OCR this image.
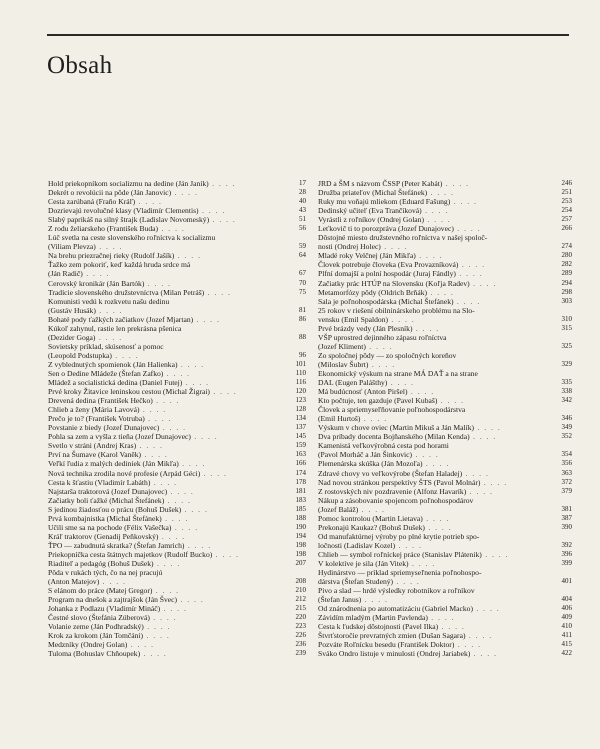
Obsah
Hold priekopníkom socializmu na dedine (Ján Janík) . . . .	17
Dekrét o revolúcii na pôde (Ján Janovic) . . . .	28
Cesta zarúbaná (Fraňo Kráľ) . . . .	40
Dozrievajú revolučné klasy (Vladimír Clementis) . . . .	43
Slabý paprikáš na silný štrajk (Ladislav Novomeský) . . . .	51
Z rodu želiarskeho (František Buda) . . . .	56
Lúč svetla na ceste slovenského roľníctva k socializmu
(Viliam Plevza) . . . .	59
Na brehu priezračnej rieky (Rudolf Jašík) . . . .	64
Ťažko zem pokoriť, keď každá hruda srdce má
(Ján Radič) . . . .	67
Cerovský kronikár (Ján Bartók) . . . .	70
Tradície slovenského družstevníctva (Milan Petráš) . . . .	75
Komunisti vedú k rozkvetu našu dedinu
(Gustáv Husák) . . . .	81
Bohaté pody ťažkých začiatkov (Jozef Mjartan) . . . .	86
Kúkoľ zahynul, rastie len prekrásna pšenica
(Dezider Goga) . . . .	88
Sovietsky príklad, skúsenosť a pomoc
(Leopold Podstupka) . . . .	96
Z vyblednutých spomienok (Ján Halienka) . . . .	101
Sen o Dedine Mládeže (Štefan Zafko) . . . .	110
Mládež a socialistická dedina (Daniel Futej) . . . .	116
Prvé kroky Žitavice leninskou cestou (Michal Žigrai) . . . .	120
Drevená dedina (František Hečko) . . . .	123
Chlieb a ženy (Mária Lavová) . . . .	128
Prečo je to? (František Votruba) . . . .	134
Povstanie z biedy (Jozef Dunajovec) . . . .	137
Pohla sa zem a vyšla z tieňa (Jozef Dunajovec) . . . .	145
Svetlo v stráni (Andrej Kras) . . . .	159
Prví na Šumave (Karol Vaněk) . . . .	163
Veľkí ľudia z malých dediniek (Ján Mikľa) . . . .	166
Nová technika zrodila nové profesie (Arpád Géci) . . . .	174
Cesta k šťastiu (Vladimír Labáth) . . . .	178
Najstarša traktorová (Jozef Dunajovec) . . . .	181
Začiatky boli ťažké (Michal Štefánek) . . . .	183
S jedinou žiadosťou o prácu (Bohuš Dušek) . . . .	185
Prvá kombajnistka (Michal Štefánek) . . . .	188
Učili sme sa na pochode (Félix Vašečka) . . . .	190
Kráľ traktorov (Genadij Peňkovský) . . . .	194
ŤPO — zabudnutá skratka? (Štefan Jamrich) . . . .	198
Priekopníčka cesta štátnych majetkov (Rudolf Bucko) . . . .	198
Riaditeľ a pedagóg (Bohuš Dušek) . . . .	207
Pôda v rukách tých, čo na nej pracujú
(Anton Matejov) . . . .	208
S elánom do práce (Matej Gregor) . . . .	210
Program na dnešok a zajtrajšok (Ján Švec) . . . .	212
Johanka z Podlazu (Vladimír Mináč) . . . .	215
Čestné slovo (Štefánia Zúberová) . . . .	220
Volanie zeme (Ján Podhradský) . . . .	223
Krok za krokom (Ján Tomčáni) . . . .	226
Medzníky (Ondrej Golan) . . . .	236
Tuloma (Bohuslav Chňoupek) . . . .	239
JRD a ŠM s názvom ČSSP (Peter Kabát) . . . .	246
Družba priateľov (Michal Štefánek) . . . .	251
Ruky mu voňajú mliekom (Eduard Fašung) . . . .	253
Dedinský učiteľ (Eva Trančíková) . . . .	254
Vyrástli z roľníkov (Ondrej Golan) . . . .	257
Leťkovič ti to porozpráva (Jozef Dunajovec) . . . .	266
Dôstojné miesto družstevného roľníctva v našej spoloč-
nosti (Ondrej Holec) . . . .	274
Mladé roky Velčnej (Ján Mikľa) . . . .	280
Človek potrebuje človeka (Eva Provazníková) . . . .	282
Plfní domajší a polní hospodár (Juraj Fándly) . . . .	289
Začiatky prác HTÚP na Slovensku (Koľja Radev) . . . .	294
Metamorfózy pôdy (Oldrich Brňák) . . . .	298
Sala je poľnohospodárska (Michal Štefánek) . . . .	303
25 rokov v riešení obilninárskeho problému na Slo-
vensku (Emil Spaldon) . . . .	310
Prvé brázdy vedy (Ján Plesník) . . . .	315
VŠP uprostred dejinného zápasu roľníctva
(Jozef Kliment) . . . .	325
Zo spoločnej pôdy — zo spoločných koreňov
(Miloslav Šubrt) . . . .	329
Ekonomický výskum na strane MÁ DAŤ a na strane
DAL (Eugen Palášthy) . . . .	335
Má budúcnosť (Anton Piršel) . . . .	338
Kto počtuje, ten gazduje (Pavel Kubaš) . . . .	342
Človek a spriemyseľňovanie poľnohospodárstva
(Emil Hurtoš) . . . .	346
Výskum v chove oviec (Martin Mikuš a Ján Malík) . . . .	349
Dva príbady docenta Bojňanského (Milan Kenda) . . . .	352
Kamenistá veľkovýrobná cesta pod horami
(Pavol Morháč a Ján Šinkovic) . . . .	354
Plemenárska skúška (Ján Mozoľa) . . . .	356
Zdravé chovy vo veľkovýrobe (Štefan Haladej) . . . .	363
Nad novou stránkou perspektívy ŠTS (Pavol Molnár) . . . .	372
Z rostovských niv pozdravenie (Alfonz Havarík) . . . .	379
Nákup a zásobovanie spojencom poľnohospodárov
(Jozef Baláž) . . . .	381
Pomoc kontrolou (Martin Lietava) . . . .	387
Prekonajú Kaukaz? (Bohuš Dušek) . . . .	390
Od manufaktúrnej výroby po plné krytie potrieb spo-
ločnosti (Ladislav Kozel) . . . .	392
Chlieb — symbol roľníckej práce (Stanislav Plátenik) . . . .	396
V kolektíve je sila (Ján Vitek) . . . .	399
Hydinárstvo — príklad spriemyseľnenia poľnohospo-
dárstva (Štefan Studený) . . . .	401
Pivo a slad — hrdé výsledky robotníkov a roľníkov
(Štefan Janus) . . . .	404
Od znárodnenia po automatizáciu (Gabriel Macko) . . . .	406
Závidím mladým (Martin Pavlenda) . . . .	409
Cesta k ľudskej dôstojnosti (Pavel Ilka) . . . .	410
Štvrťstoročie prevratných zmien (Dušan Sagara) . . . .	411
Pozváte Roľnícku besedu (František Doktor) . . . .	415
Sváko Ondro listuje v minulosti (Ondrej Jariabek) . . . .	422
